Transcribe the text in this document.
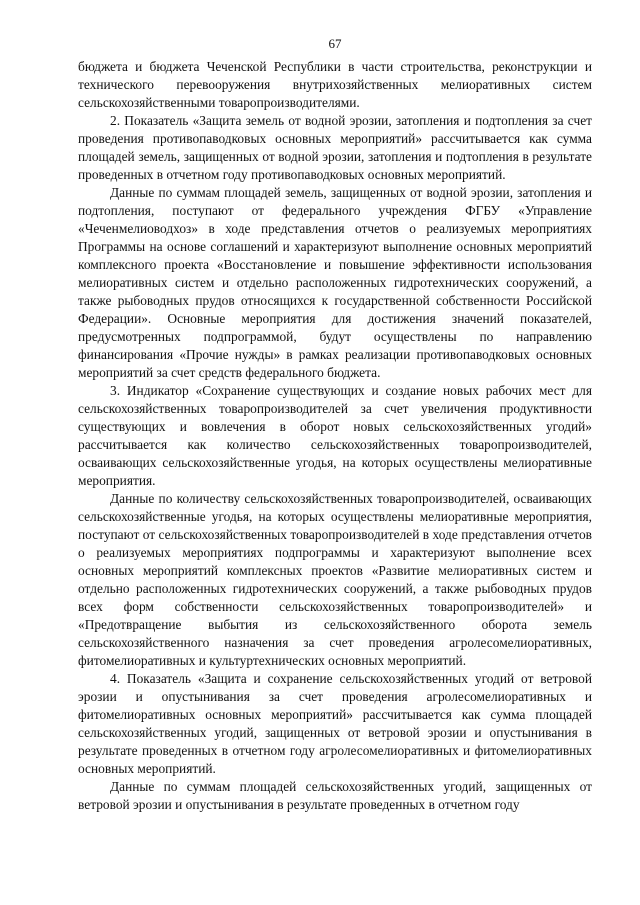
67

бюджета и бюджета Чеченской Республики в части строительства, реконструкции и технического перевооружения внутрихозяйственных мелиоративных систем сельскохозяйственными товаропроизводителями.

2. Показатель «Защита земель от водной эрозии, затопления и подтопления за счет проведения противопаводковых основных мероприятий» рассчитывается как сумма площадей земель, защищенных от водной эрозии, затопления и подтопления в результате проведенных в отчетном году противопаводковых основных мероприятий.

Данные по суммам площадей земель, защищенных от водной эрозии, затопления и подтопления, поступают от федерального учреждения ФГБУ «Управление «Чеченмелиоводхоз» в ходе представления отчетов о реализуемых мероприятиях Программы на основе соглашений и характеризуют выполнение основных мероприятий комплексного проекта «Восстановление и повышение эффективности использования мелиоративных систем и отдельно расположенных гидротехнических сооружений, а также рыбоводных прудов относящихся к государственной собственности Российской Федерации». Основные мероприятия для достижения значений показателей, предусмотренных подпрограммой, будут осуществлены по направлению финансирования «Прочие нужды» в рамках реализации противопаводковых основных мероприятий за счет средств федерального бюджета.

3. Индикатор «Сохранение существующих и создание новых рабочих мест для сельскохозяйственных товаропроизводителей за счет увеличения продуктивности существующих и вовлечения в оборот новых сельскохозяйственных угодий» рассчитывается как количество сельскохозяйственных товаропроизводителей, осваивающих сельскохозяйственные угодья, на которых осуществлены мелиоративные мероприятия.

Данные по количеству сельскохозяйственных товаропроизводителей, осваивающих сельскохозяйственные угодья, на которых осуществлены мелиоративные мероприятия, поступают от сельскохозяйственных товаропроизводителей в ходе представления отчетов о реализуемых мероприятиях подпрограммы и характеризуют выполнение всех основных мероприятий комплексных проектов «Развитие мелиоративных систем и отдельно расположенных гидротехнических сооружений, а также рыбоводных прудов всех форм собственности сельскохозяйственных товаропроизводителей» и «Предотвращение выбытия из сельскохозяйственного оборота земель сельскохозяйственного назначения за счет проведения агролесомелиоративных, фитомелиоративных и культуртехнических основных мероприятий.

4. Показатель «Защита и сохранение сельскохозяйственных угодий от ветровой эрозии и опустынивания за счет проведения агролесомелиоративных и фитомелиоративных основных мероприятий» рассчитывается как сумма площадей сельскохозяйственных угодий, защищенных от ветровой эрозии и опустынивания в результате проведенных в отчетном году агролесомелиоративных и фитомелиоративных основных мероприятий.

Данные по суммам площадей сельскохозяйственных угодий, защищенных от ветровой эрозии и опустынивания в результате проведенных в отчетном году
